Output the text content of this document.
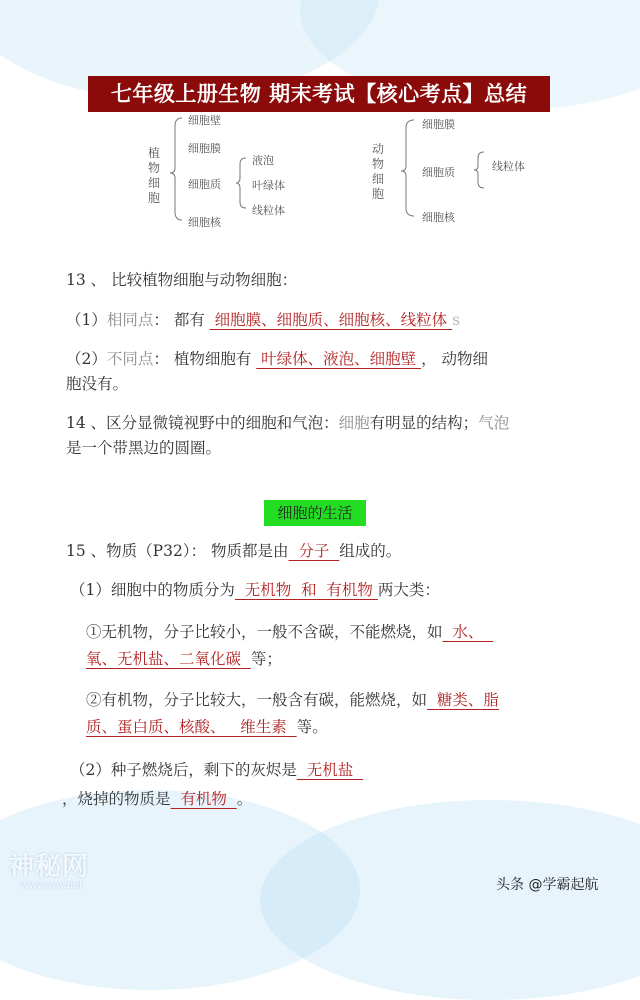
七年级上册生物 期末考试【核心考点】总结
植
物
细
胞
细胞壁
细胞膜
细胞质
细胞核
液泡
叶绿体
线粒体
动
物
细
胞
细胞膜
细胞质
细胞核
线粒体
13 、 比较植物细胞与动物细胞：
（1）相同点： 都有  细胞膜、细胞质、细胞核、线粒体 s
（2）不同点： 植物细胞有  叶绿体、液泡、细胞壁 ， 动物细
胞没有。
14 、区分显微镜视野中的细胞和气泡：细胞有明显的结构；气泡
是一个带黑边的圆圈。
细胞的生活
15 、物质（P32）： 物质都是由  分子  组成的。
（1）细胞中的物质分为  无机物  和  有机物 两大类：
①无机物，分子比较小，一般不含碳，不能燃烧，如  水、
氧、无机盐、二氧化碳  等；
②有机物，分子比较大，一般含有碳，能燃烧，如  糖类、脂
质、蛋白质、核酸、   维生素  等。
（2）种子燃烧后，剩下的灰烬是  无机盐
，烧掉的物质是  有机物  。
神秘网
www.ww.net	头条 @学霸起航
